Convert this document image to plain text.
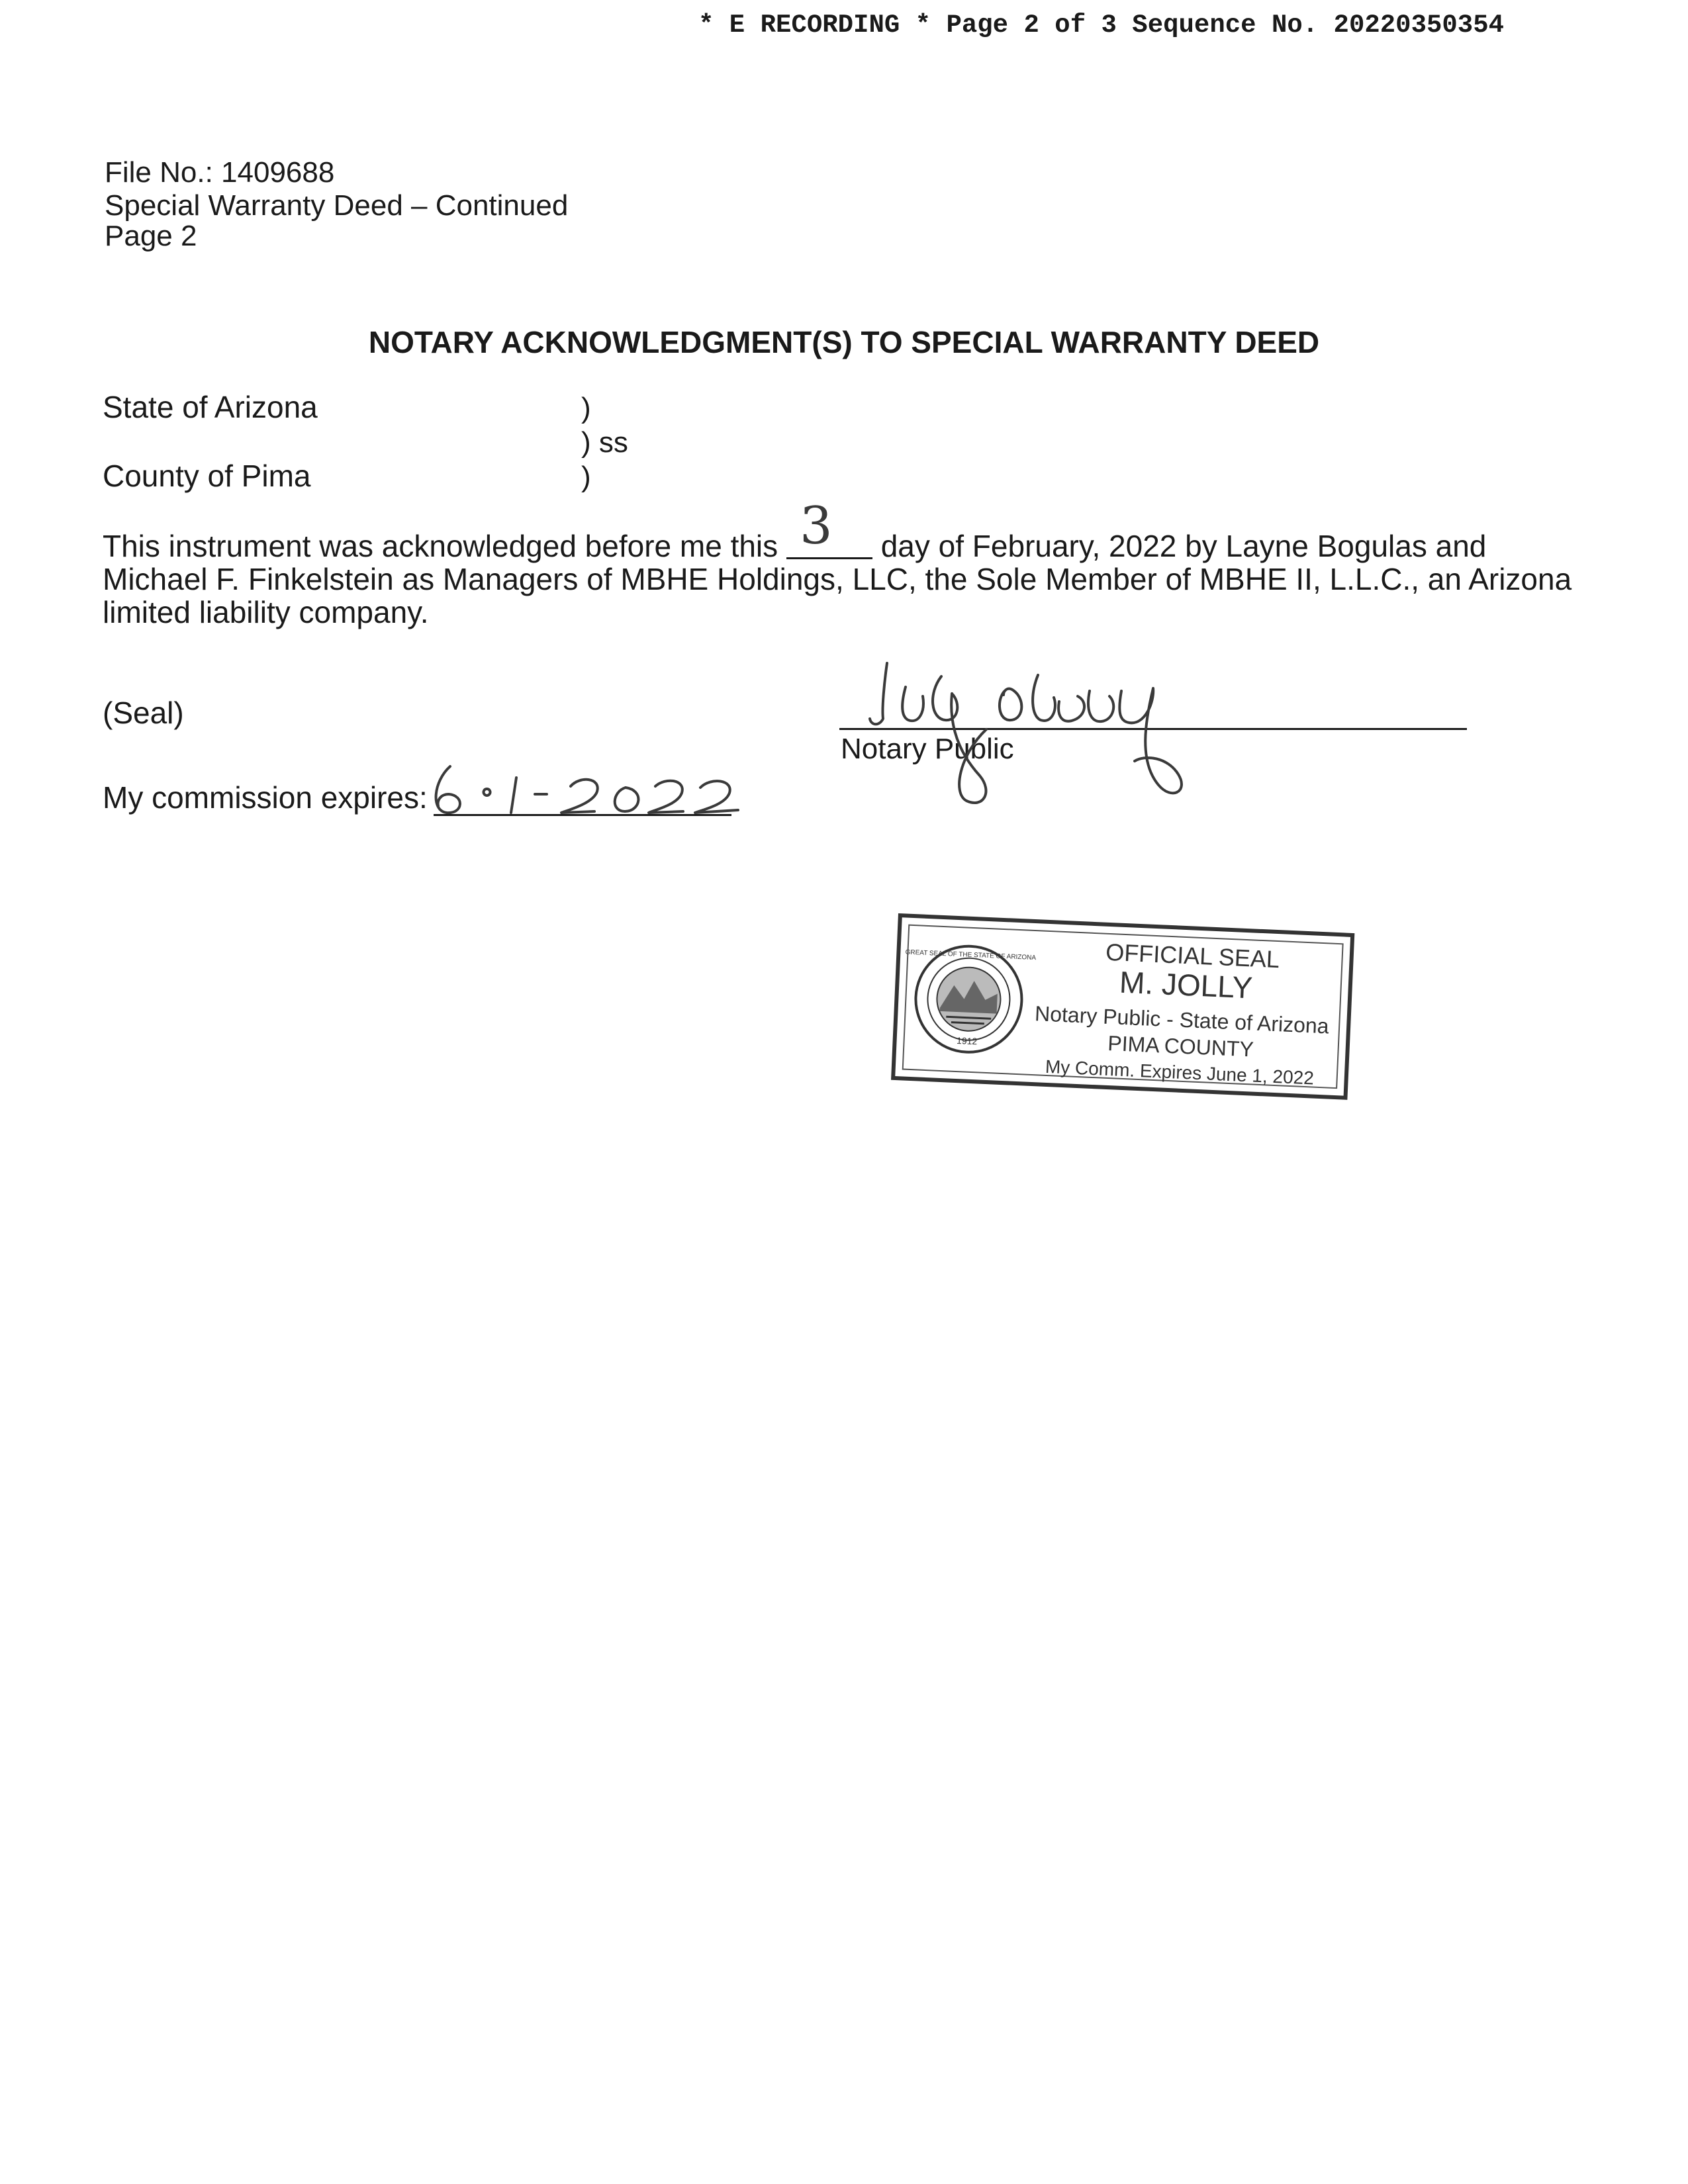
* E RECORDING * Page 2 of 3 Sequence No. 20220350354
File No.: 1409688
Special Warranty Deed – Continued
Page 2
NOTARY ACKNOWLEDGMENT(S) TO SPECIAL WARRANTY DEED
State of Arizona
County of Pima
)
) ss
)
This instrument was acknowledged before me this 3 day of February, 2022 by Layne Bogulas and Michael F. Finkelstein as Managers of MBHE Holdings, LLC, the Sole Member of MBHE II, L.L.C., an Arizona limited liability company.
(Seal)
My commission expires:
Notary Public
1912
GREAT SEAL OF THE STATE OF ARIZONA	OFFICIAL SEAL
M. JOLLY
Notary Public - State of Arizona
PIMA COUNTY
My Comm. Expires June 1, 2022
